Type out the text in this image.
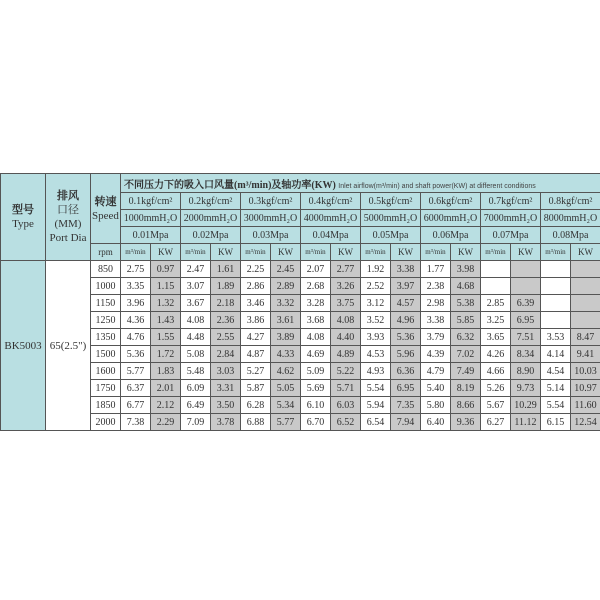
型号
Type	排风
口径
(MM)
Port Dia	转速
Speed	不同压力下的吸入口风量(m³/min)及轴功率(KW) Inlet airflow(m³/min) and shaft power(KW) at different conditions															
			0.1kgf/cm²		0.2kgf/cm²		0.3kgf/cm²		0.4kgf/cm²		0.5kgf/cm²		0.6kgf/cm²		0.7kgf/cm²		0.8kgf/cm²	
			1000mmH₂O		2000mmH₂O		3000mmH₂O		4000mmH₂O		5000mmH₂O		6000mmH₂O		7000mmH₂O		8000mmH₂O	
			0.01Mpa		0.02Mpa		0.03Mpa		0.04Mpa		0.05Mpa		0.06Mpa		0.07Mpa		0.08Mpa	
		rpm	m³/min	KW	m³/min	KW	m³/min	KW	m³/min	KW	m³/min	KW	m³/min	KW	m³/min	KW	m³/min	KW
BK5003	65(2.5")	850	2.75	0.97	2.47	1.61	2.25	2.45	2.07	2.77	1.92	3.38	1.77	3.98				
		1000	3.35	1.15	3.07	1.89	2.86	2.89	2.68	3.26	2.52	3.97	2.38	4.68				
		1150	3.96	1.32	3.67	2.18	3.46	3.32	3.28	3.75	3.12	4.57	2.98	5.38	2.85	6.39		
		1250	4.36	1.43	4.08	2.36	3.86	3.61	3.68	4.08	3.52	4.96	3.38	5.85	3.25	6.95		
		1350	4.76	1.55	4.48	2.55	4.27	3.89	4.08	4.40	3.93	5.36	3.79	6.32	3.65	7.51	3.53	8.47
		1500	5.36	1.72	5.08	2.84	4.87	4.33	4.69	4.89	4.53	5.96	4.39	7.02	4.26	8.34	4.14	9.41
		1600	5.77	1.83	5.48	3.03	5.27	4.62	5.09	5.22	4.93	6.36	4.79	7.49	4.66	8.90	4.54	10.03
		1750	6.37	2.01	6.09	3.31	5.87	5.05	5.69	5.71	5.54	6.95	5.40	8.19	5.26	9.73	5.14	10.97
		1850	6.77	2.12	6.49	3.50	6.28	5.34	6.10	6.03	5.94	7.35	5.80	8.66	5.67	10.29	5.54	11.60
		2000	7.38	2.29	7.09	3.78	6.88	5.77	6.70	6.52	6.54	7.94	6.40	9.36	6.27	11.12	6.15	12.54
